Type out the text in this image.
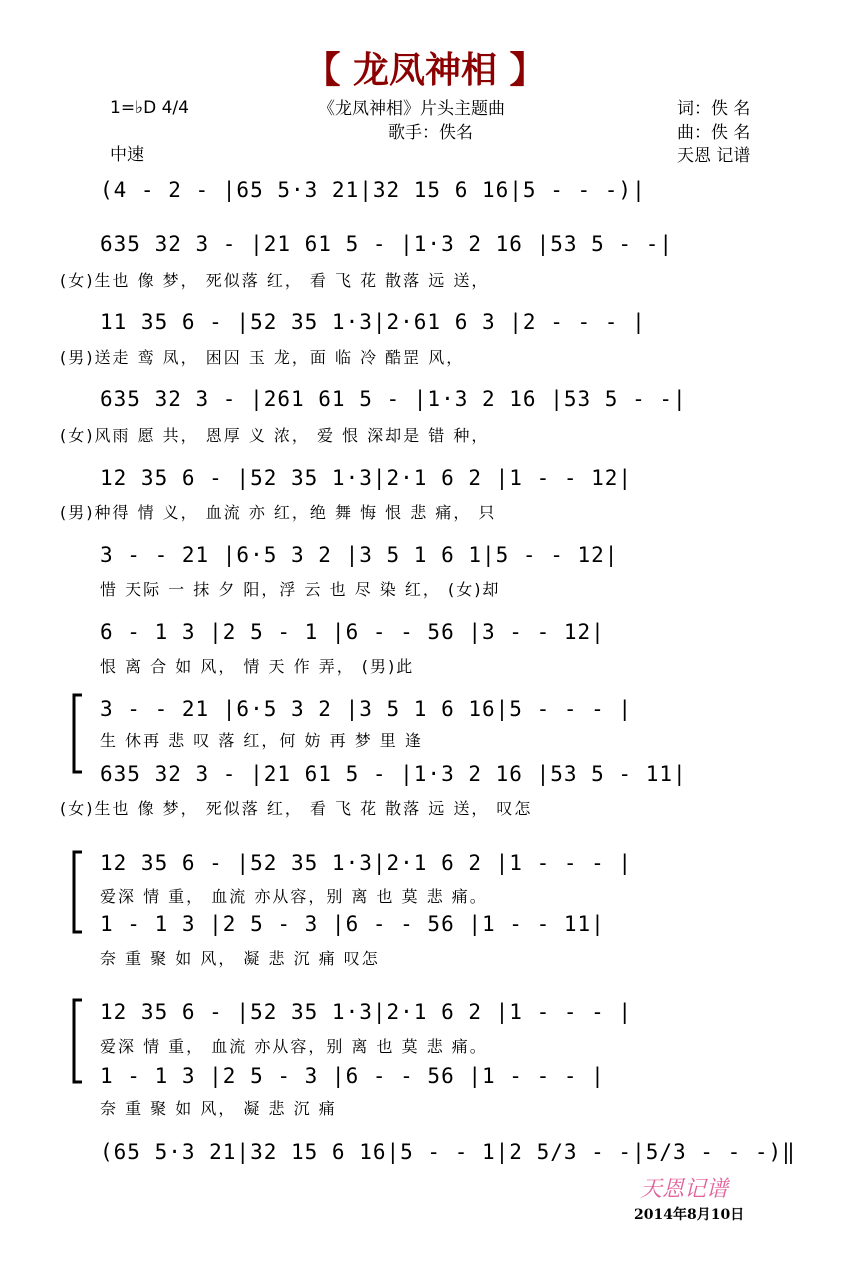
【 龙凤神相 】
1=♭D 4/4
中速
《龙凤神相》片头主题曲
歌手：佚名
词：佚 名
曲：佚 名
天恩 记谱
(4 - 2 - |65 5·3 21|32 15 6 16|5 - - -)|
635 32 3 - |21 61 5 - |1·3 2 16 |53 5 - -|
11 35 6 - |52 35 1·3|2·61 6 3 |2 - - - |
635 32 3 - |261 61 5 - |1·3 2 16 |53 5 - -|
12 35 6 - |52 35 1·3|2·1 6 2 |1 - - 12|
3 - - 21 |6·5 3 2 |3 5 1 6 1|5 - - 12|
6 - 1 3 |2 5 - 1 |6 - - 56 |3 - - 12|
3 - - 21 |6·5 3 2 |3 5 1 6 16|5 - - - |
635 32 3 - |21 61 5 - |1·3 2 16 |53 5 - 11|
12 35 6 - |52 35 1·3|2·1 6 2 |1 - - - |
1 - 1 3 |2 5 - 3 |6 - - 56 |1 - - 11|
12 35 6 - |52 35 1·3|2·1 6 2 |1 - - - |
1 - 1 3 |2 5 - 3 |6 - - 56 |1 - - - |
(65 5·3 21|32 15 6 16|5 - - 1|2 5/3 - -|5/3 - - -)‖
(女)生也 像 梦， 死似落 红， 看 飞 花 散落 远 送，
(男)送走 鸾 凤， 困囚 玉 龙，面 临 冷 酷罡 风，
(女)风雨 愿 共， 恩厚 义 浓， 爱 恨 深却是 错 种，
(男)种得 情 义， 血流 亦 红，绝 舞 悔 恨 悲 痛， 只
惜 天际 一 抹 夕 阳，浮 云 也 尽 染 红， (女)却
恨 离 合 如 风， 情 天 作 弄， (男)此
生 休再 悲 叹 落 红，何 妨 再 梦 里 逢
(女)生也 像 梦， 死似落 红， 看 飞 花 散落 远 送， 叹怎
爱深 情 重， 血流 亦从容，别 离 也 莫 悲 痛。
奈 重 聚 如 风， 凝 悲 沉 痛 叹怎
爱深 情 重， 血流 亦从容，别 离 也 莫 悲 痛。
奈 重 聚 如 风， 凝 悲 沉 痛
天恩记谱
2014年8月10日
